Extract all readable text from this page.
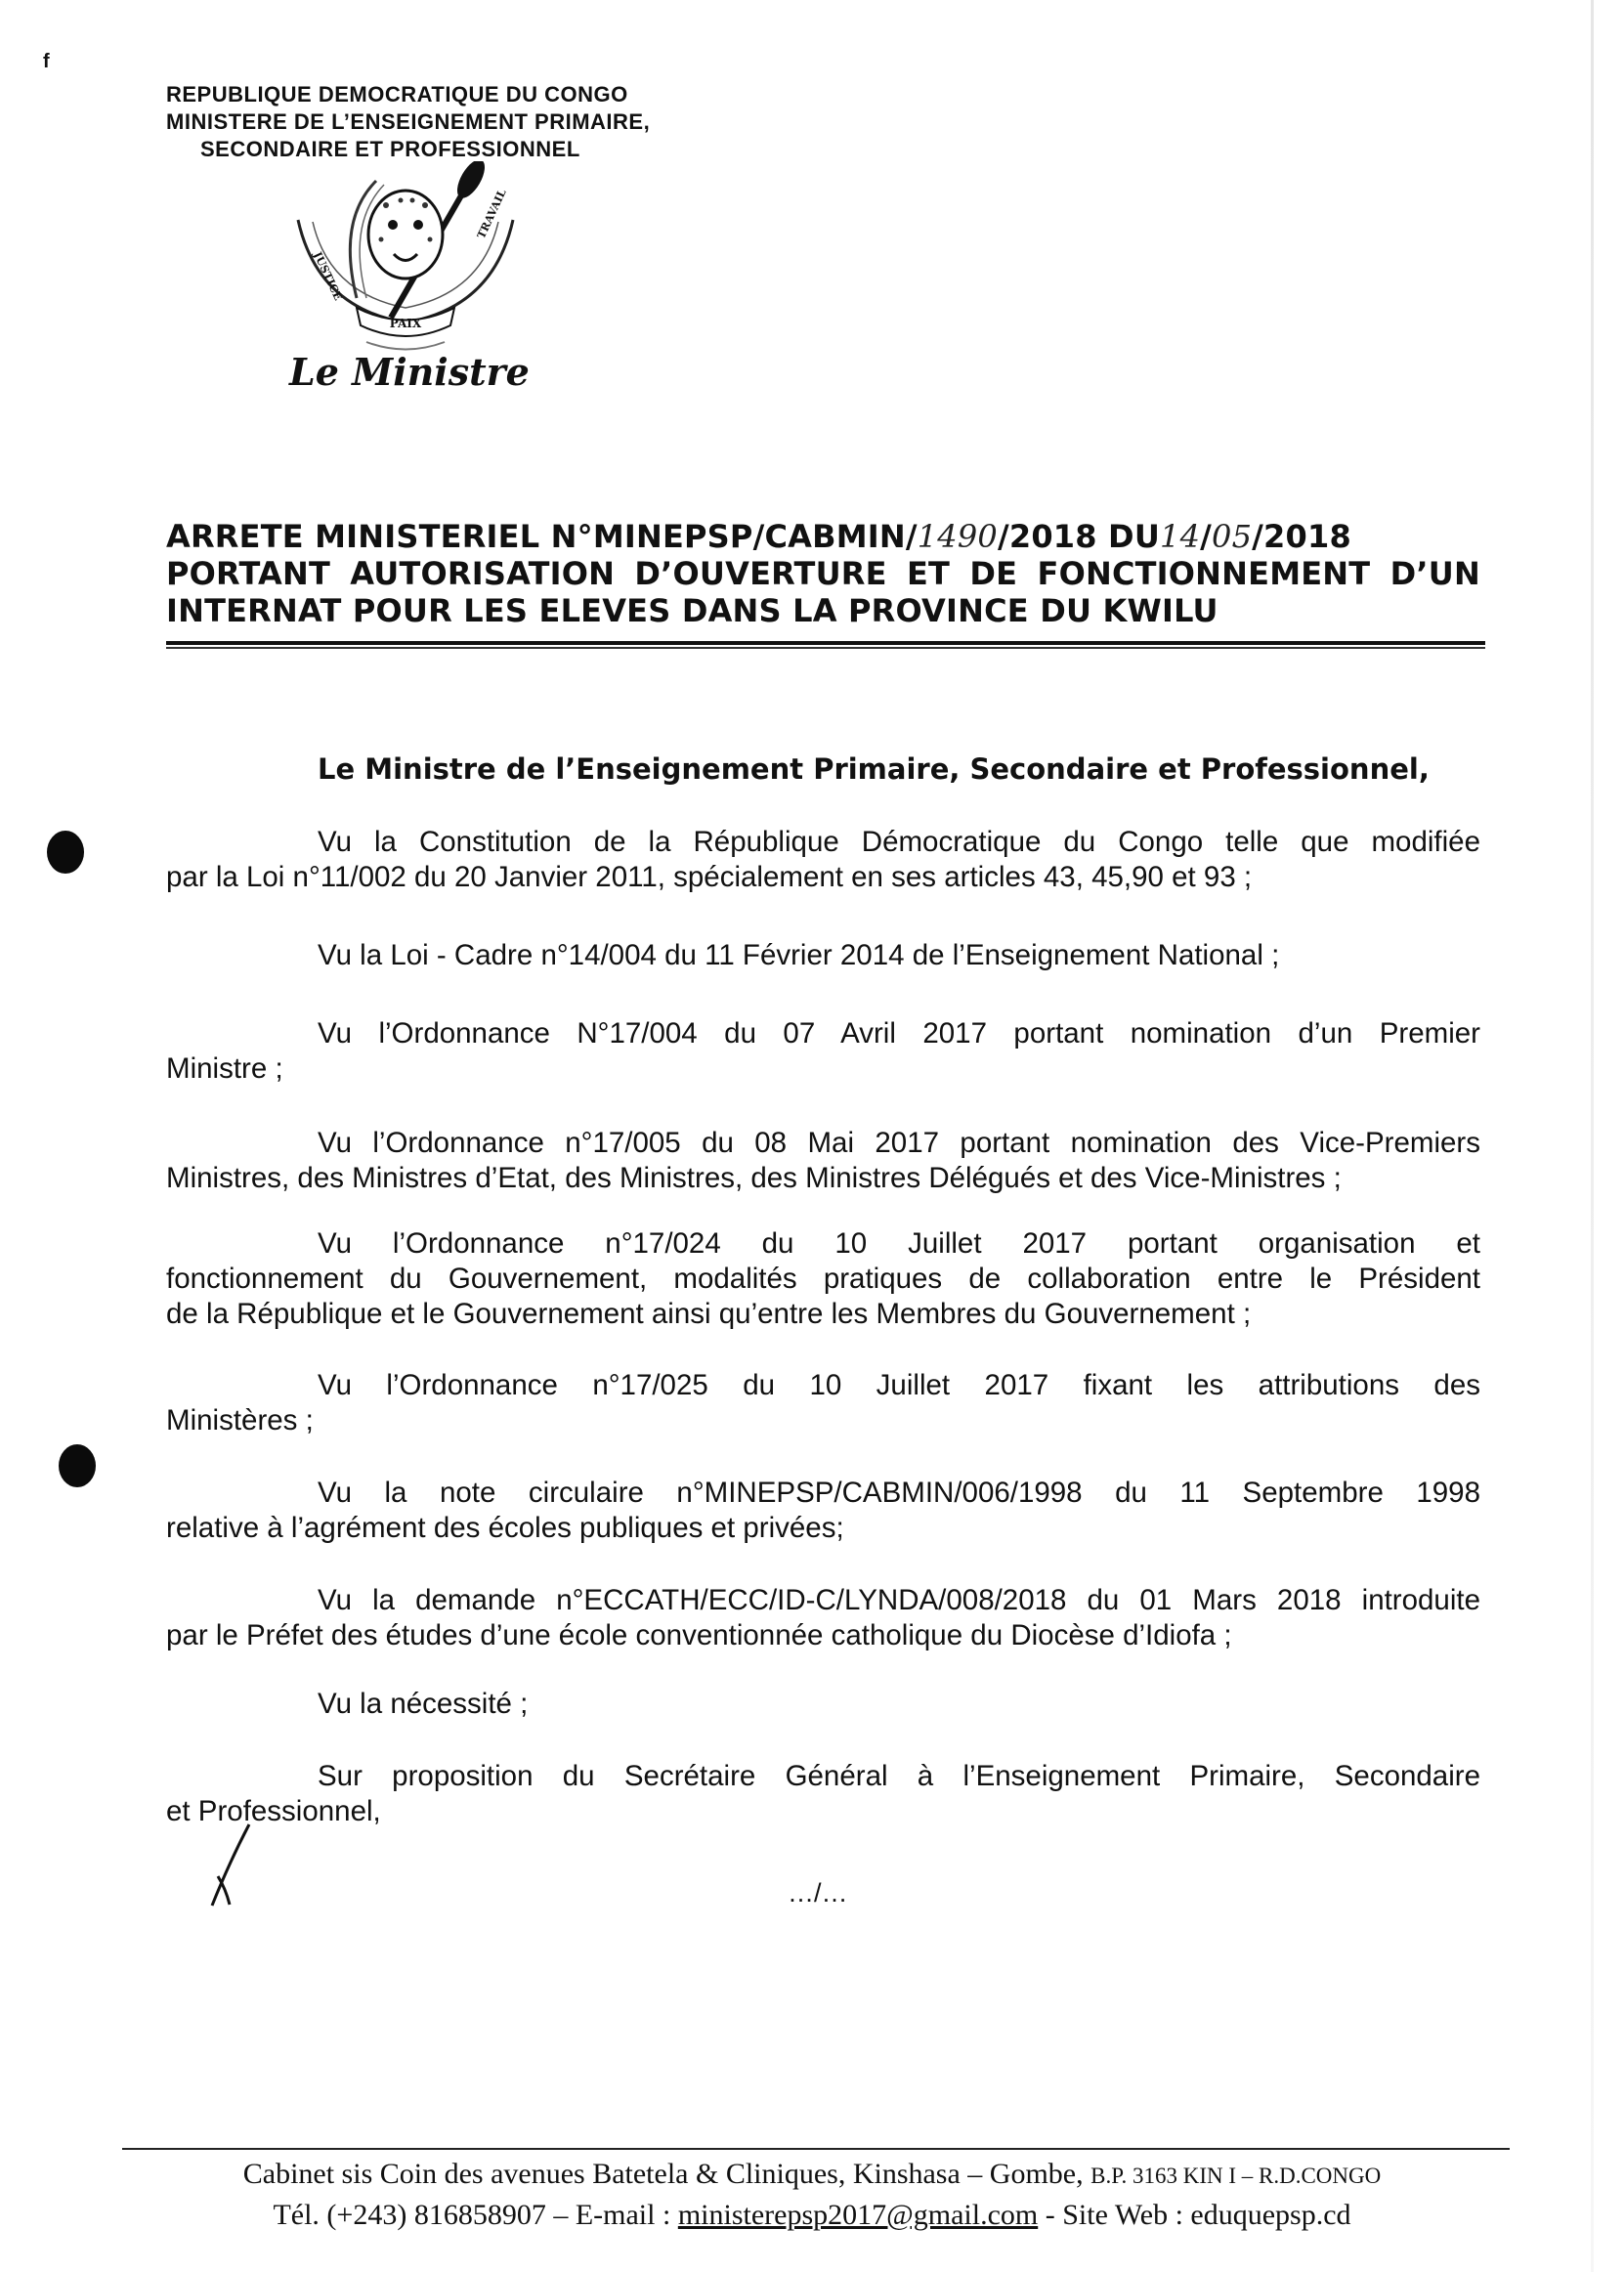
f
REPUBLIQUE DEMOCRATIQUE DU CONGO
MINISTERE DE L’ENSEIGNEMENT PRIMAIRE,
SECONDAIRE ET PROFESSIONNEL
PAIX
JUSTICE
TRAVAIL
Le Ministre
ARRETE MINISTERIEL N°MINEPSP/CABMIN/1490/2018 DU14/05/2018
PORTANT AUTORISATION D’OUVERTURE ET DE FONCTIONNEMENT D’UN
INTERNAT POUR LES ELEVES DANS LA PROVINCE DU KWILU
Le Ministre de l’Enseignement Primaire, Secondaire et Professionnel,

Vu la Constitution de la République Démocratique du Congo telle que modifiée

par la Loi n°11/002 du 20 Janvier 2011, spécialement en ses articles 43, 45,90 et 93 ;

Vu la Loi - Cadre n°14/004 du 11 Février 2014 de l’Enseignement National ;

Vu l’Ordonnance N°17/004 du 07 Avril 2017 portant nomination d’un Premier

Ministre ;

Vu l’Ordonnance n°17/005 du 08 Mai 2017 portant nomination des Vice-Premiers

Ministres, des Ministres d’Etat, des Ministres, des Ministres Délégués et des Vice-Ministres ;

Vu l’Ordonnance n°17/024 du 10 Juillet 2017 portant organisation et

fonctionnement du Gouvernement, modalités pratiques de collaboration entre le Président

de la République et le Gouvernement ainsi qu’entre les Membres du Gouvernement ;

Vu l’Ordonnance n°17/025 du 10 Juillet 2017 fixant les attributions des

Ministères ;

Vu la note circulaire n°MINEPSP/CABMIN/006/1998 du 11 Septembre 1998

relative à l’agrément des écoles publiques et privées;

Vu la demande n°ECCATH/ECC/ID-C/LYNDA/008/2018 du 01 Mars 2018 introduite

par le Préfet des études d’une école conventionnée catholique du Diocèse d’Idiofa ;

Vu la nécessité ;

Sur proposition du Secrétaire Général à l’Enseignement Primaire, Secondaire

et Professionnel,

…/…
Cabinet sis Coin des avenues Batetela & Cliniques, Kinshasa – Gombe, B.P. 3163 KIN I – R.D.CONGO
Tél. (+243) 816858907 – E-mail : ministerepsp2017@gmail.com - Site Web : eduquepsp.cd
